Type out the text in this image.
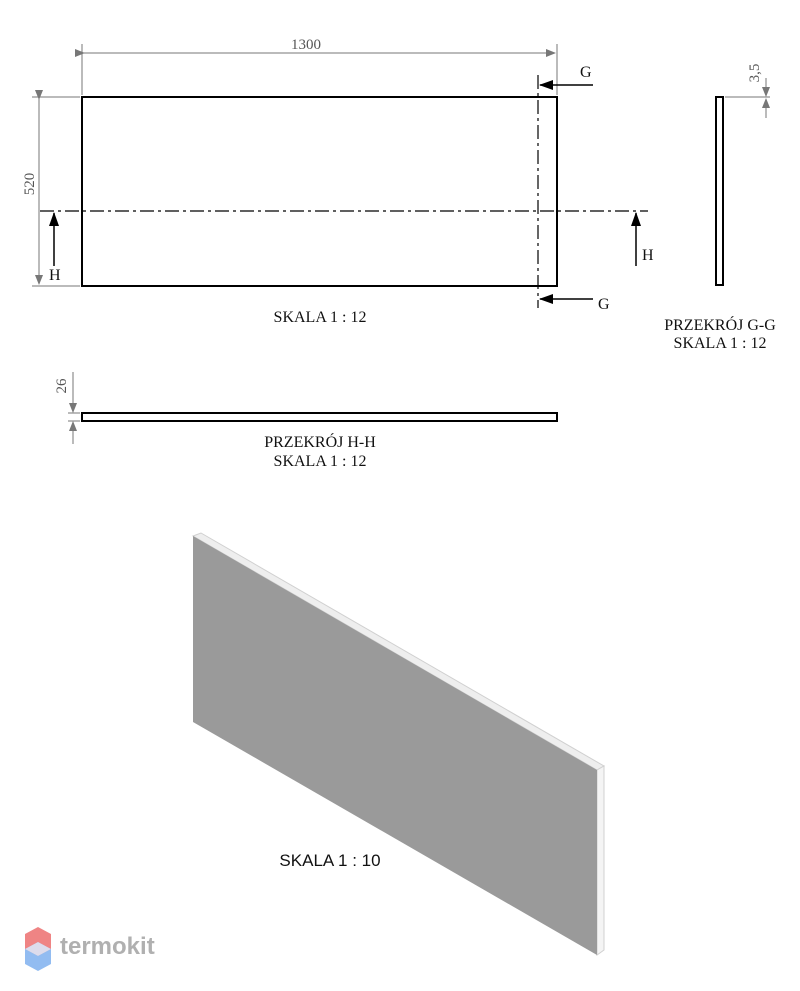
1300
520
G
G
H
H
SKALA 1 : 12
3,5
PRZEKRÓJ G-G
SKALA 1 : 12
26
PRZEKRÓJ H-H
SKALA 1 : 12
SKALA 1 : 10
termokit
